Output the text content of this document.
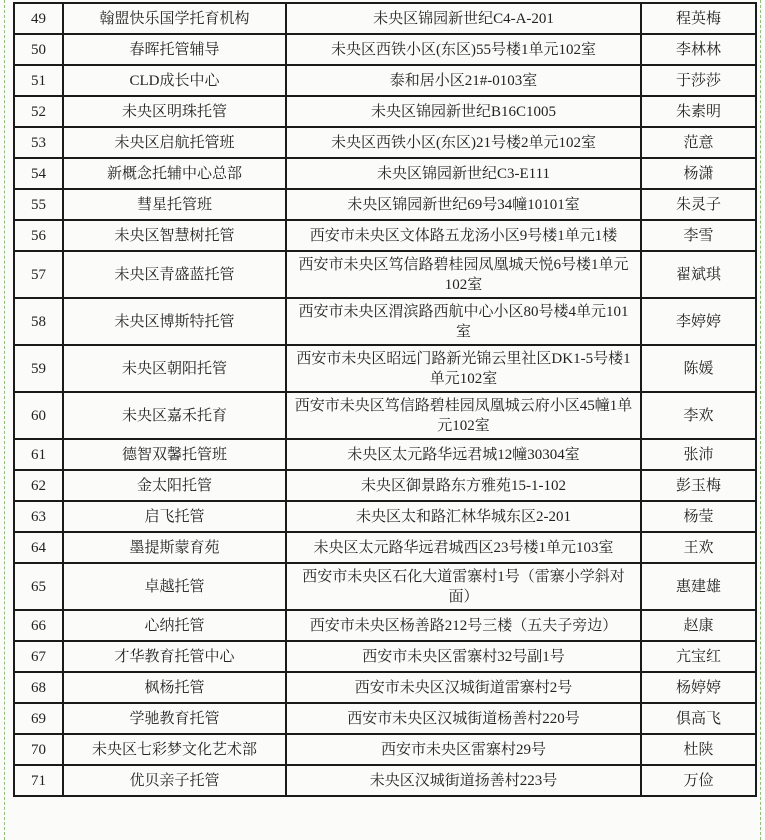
49	翰盟快乐国学托育机构	未央区锦园新世纪C4-A-201	程英梅
50	春晖托管辅导	未央区西铁小区(东区)55号楼1单元102室	李林林
51	CLD成长中心	泰和居小区21#-0103室	于莎莎
52	未央区明珠托管	未央区锦园新世纪B16C1005	朱素明
53	未央区启航托管班	未央区西铁小区(东区)21号楼2单元102室	范意
54	新概念托辅中心总部	未央区锦园新世纪C3-E111	杨潇
55	彗星托管班	未央区锦园新世纪69号34幢10101室	朱灵子
56	未央区智慧树托管	西安市未央区文体路五龙汤小区9号楼1单元1楼	李雪
57	未央区青盛蓝托管	西安市未央区笃信路碧桂园凤凰城天悦6号楼1单元102室	翟斌琪
58	未央区博斯特托管	西安市未央区渭滨路西航中心小区80号楼4单元101室	李婷婷
59	未央区朝阳托管	西安市未央区昭远门路新光锦云里社区DK1-5号楼1单元102室	陈媛
60	未央区嘉禾托育	西安市未央区笃信路碧桂园凤凰城云府小区45幢1单元102室	李欢
61	德智双馨托管班	未央区太元路华远君城12幢30304室	张沛
62	金太阳托管	未央区御景路东方雅苑15-1-102	彭玉梅
63	启飞托管	未央区太和路汇林华城东区2-201	杨莹
64	墨提斯蒙育苑	未央区太元路华远君城西区23号楼1单元103室	王欢
65	卓越托管	西安市未央区石化大道雷寨村1号（雷寨小学斜对面）	惠建雄
66	心纳托管	西安市未央区杨善路212号三楼（五夫子旁边）	赵康
67	才华教育托管中心	西安市未央区雷寨村32号副1号	亢宝红
68	枫杨托管	西安市未央区汉城街道雷寨村2号	杨婷婷
69	学驰教育托管	西安市未央区汉城街道杨善村220号	俱高飞
70	未央区七彩梦文化艺术部	西安市未央区雷寨村29号	杜陕
71	优贝亲子托管	未央区汉城街道扬善村223号	万俭
